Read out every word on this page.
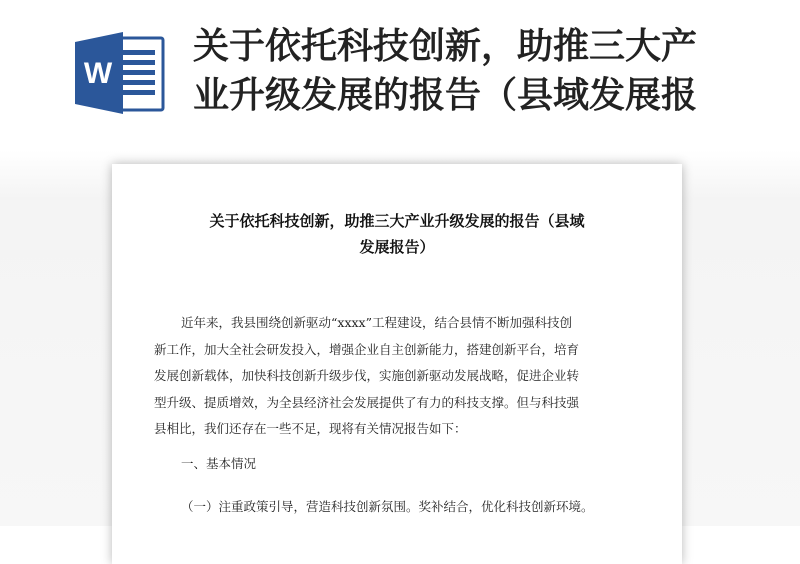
W
关于依托科技创新，助推三大产
业升级发展的报告（县域发展报
关于依托科技创新，助推三大产业升级发展的报告（县域
发展报告）
近年来，我县围绕创新驱动“xxxx”工程建设，结合县情不断加强科技创
新工作，加大全社会研发投入，增强企业自主创新能力，搭建创新平台，培育
发展创新载体，加快科技创新升级步伐，实施创新驱动发展战略，促进企业转
型升级、提质增效，为全县经济社会发展提供了有力的科技支撑。但与科技强
县相比，我们还存在一些不足，现将有关情况报告如下：
一、基本情况
（一）注重政策引导，营造科技创新氛围。奖补结合，优化科技创新环境。
